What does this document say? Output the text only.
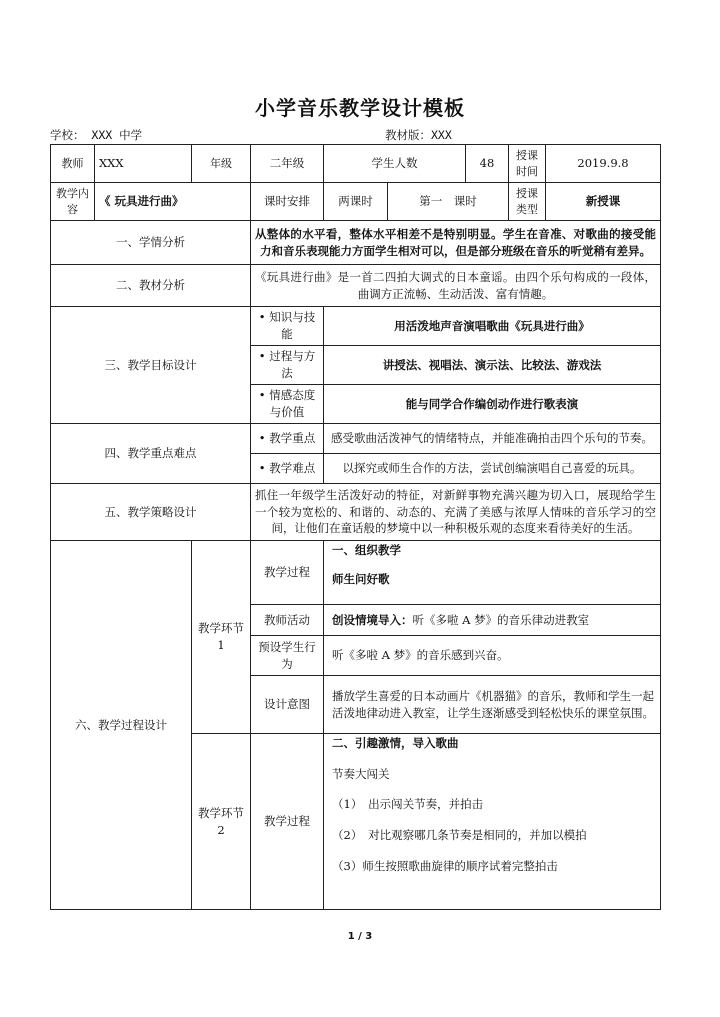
小学音乐教学设计模板
学校： XXX 中学	教材版：XXX
教师	XXX	年级	二年级	学生人数		48	授课时间	2019.9.8
教学内容	《 玩具进行曲》		课时安排	两课时	第一　课时		授课类型	新授课
一、学情分析			从整体的水平看，整体水平相差不是特别明显。学生在音准、对歌曲的接受能力和音乐表现能力方面学生相对可以，但是部分班级在音乐的听觉稍有差异。					
二、教材分析			《玩具进行曲》是一首二四拍大调式的日本童谣。由四个乐句构成的一段体，曲调方正流畅、生动活泼、富有情趣。					
三、教学目标设计			• 知识与技能	用活泼地声音演唱歌曲《玩具进行曲》				
			• 过程与方法	讲授法、视唱法、演示法、比较法、游戏法				
			• 情感态度与价值	能与同学合作编创动作进行歌表演				
四、教学重点难点			• 教学重点	感受歌曲活泼神气的情绪特点，并能准确拍击四个乐句的节奏。				
			• 教学难点	以探究或师生合作的方法，尝试创编演唱自己喜爱的玩具。				
五、教学策略设计			抓住一年级学生活泼好动的特征，对新鲜事物充满兴趣为切入口，展现给学生一个较为宽松的、和谐的、动态的、充满了美感与浓厚人情味的音乐学习的空间，让他们在童话般的梦境中以一种积极乐观的态度来看待美好的生活。					
六、教学过程设计		教学环节 1	教学过程	一、组织教学
师生问好歌				

			教师活动	创设情境导入：听《多啦 A 梦》的音乐律动进教室				
			预设学生行为	听《多啦 A 梦》的音乐感到兴奋。				
			设计意图	播放学生喜爱的日本动画片《机器猫》的音乐，教师和学生一起活泼地律动进入教室，让学生逐渐感受到轻松快乐的课堂氛围。				
		教学环节 2	教学过程	二、引趣激情，导入歌曲
节奏大闯关
（1）　出示闯关节奏，并拍击
（2）　对比观察哪几条节奏是相同的，并加以模拍
（3）师生按照歌曲旋律的顺序试着完整拍击				
1 / 3
